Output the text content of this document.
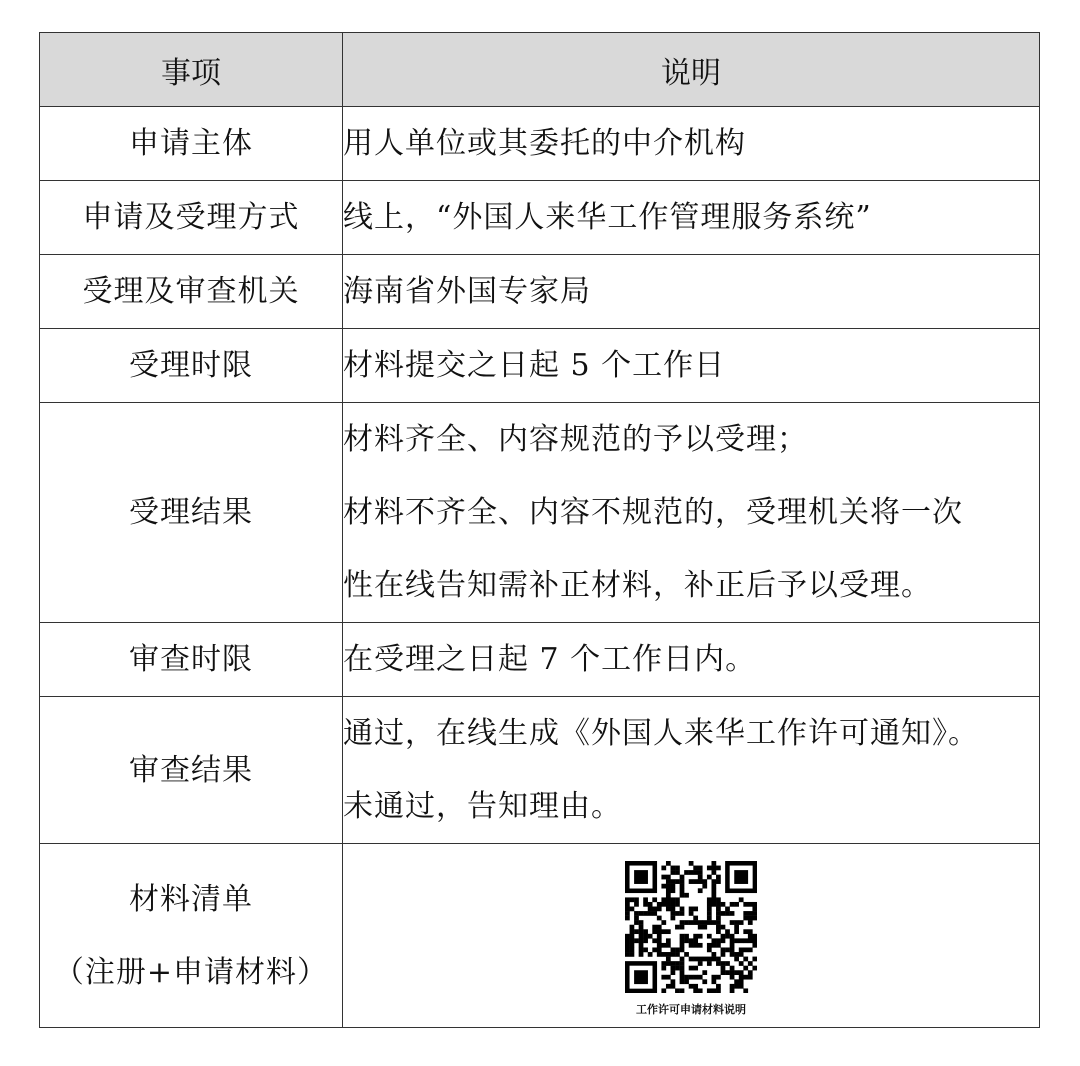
事项	说明

申请主体	用人单位或其委托的中介机构

申请及受理方式	线上，“外国人来华工作管理服务系统”

受理及审查机关	海南省外国专家局

受理时限	材料提交之日起 5 个工作日

受理结果	材料齐全、内容规范的予以受理；
材料不齐全、内容不规范的，受理机关将一次
性在线告知需补正材料，补正后予以受理。

审查时限	在受理之日起 7 个工作日内。

审查结果	通过，在线生成《外国人来华工作许可通知》。
未通过，告知理由。

材料清单
（注册+申请材料）	工作许可申请材料说明
